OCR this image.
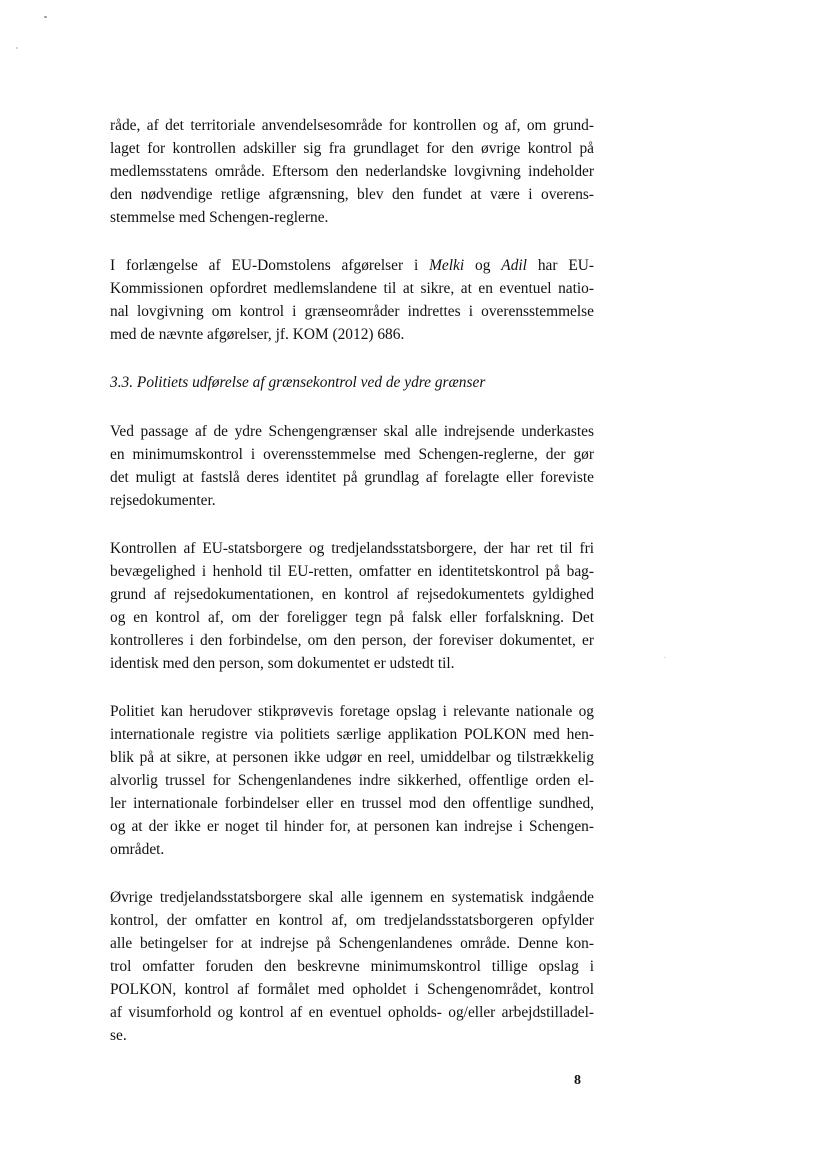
råde, af det territoriale anvendelsesområde for kontrollen og af, om grund-
laget for kontrollen adskiller sig fra grundlaget for den øvrige kontrol på
medlemsstatens område. Eftersom den nederlandske lovgivning indeholder
den nødvendige retlige afgrænsning, blev den fundet at være i overens-
stemmelse med Schengen-reglerne.
I forlængelse af EU-Domstolens afgørelser i Melki og Adil har EU-
Kommissionen opfordret medlemslandene til at sikre, at en eventuel natio-
nal lovgivning om kontrol i grænseområder indrettes i overensstemmelse
med de nævnte afgørelser, jf. KOM (2012) 686.
3.3. Politiets udførelse af grænsekontrol ved de ydre grænser
Ved passage af de ydre Schengengrænser skal alle indrejsende underkastes
en minimumskontrol i overensstemmelse med Schengen-reglerne, der gør
det muligt at fastslå deres identitet på grundlag af forelagte eller foreviste
rejsedokumenter.
Kontrollen af EU-statsborgere og tredjelandsstatsborgere, der har ret til fri
bevægelighed i henhold til EU-retten, omfatter en identitetskontrol på bag-
grund af rejsedokumentationen, en kontrol af rejsedokumentets gyldighed
og en kontrol af, om der foreligger tegn på falsk eller forfalskning. Det
kontrolleres i den forbindelse, om den person, der foreviser dokumentet, er
identisk med den person, som dokumentet er udstedt til.
Politiet kan herudover stikprøvevis foretage opslag i relevante nationale og
internationale registre via politiets særlige applikation POLKON med hen-
blik på at sikre, at personen ikke udgør en reel, umiddelbar og tilstrækkelig
alvorlig trussel for Schengenlandenes indre sikkerhed, offentlige orden el-
ler internationale forbindelser eller en trussel mod den offentlige sundhed,
og at der ikke er noget til hinder for, at personen kan indrejse i Schengen-
området.
Øvrige tredjelandsstatsborgere skal alle igennem en systematisk indgående
kontrol, der omfatter en kontrol af, om tredjelandsstatsborgeren opfylder
alle betingelser for at indrejse på Schengenlandenes område. Denne kon-
trol omfatter foruden den beskrevne minimumskontrol tillige opslag i
POLKON, kontrol af formålet med opholdet i Schengenområdet, kontrol
af visumforhold og kontrol af en eventuel opholds- og/eller arbejdstilladel-
se.
8
